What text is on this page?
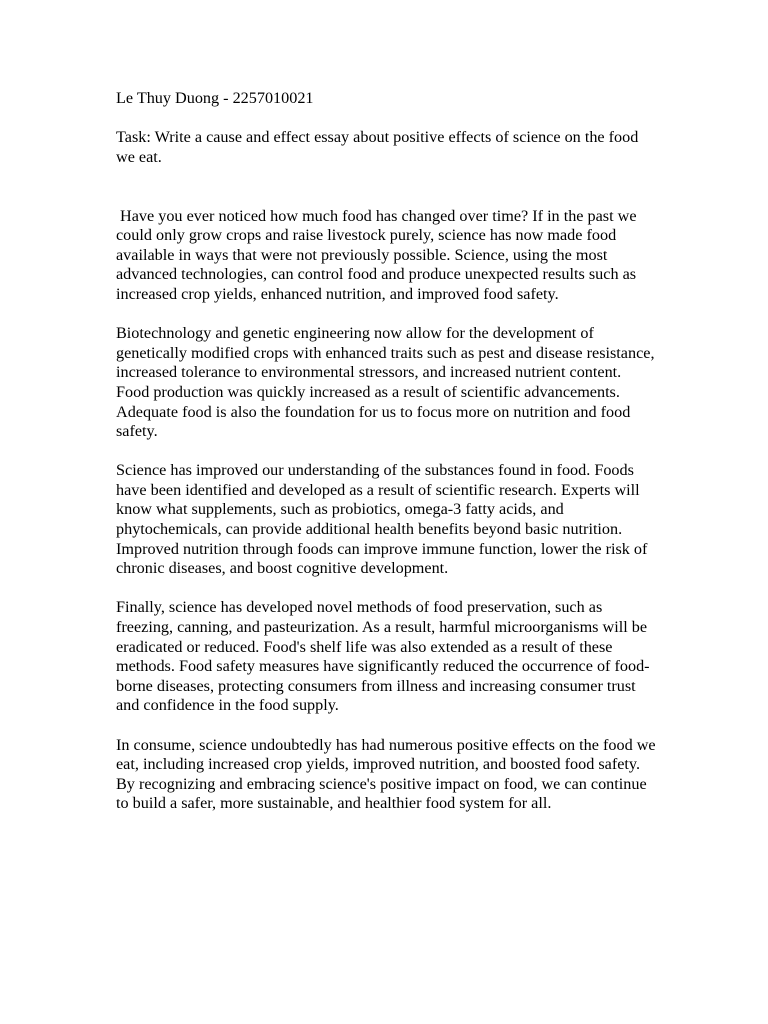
Le Thuy Duong - 2257010021

Task: Write a cause and effect essay about positive effects of science on the food we eat.

Have you ever noticed how much food has changed over time? If in the past we could only grow crops and raise livestock purely, science has now made food available in ways that were not previously possible. Science, using the most advanced technologies, can control food and produce unexpected results such as increased crop yields, enhanced nutrition, and improved food safety.

Biotechnology and genetic engineering now allow for the development of genetically modified crops with enhanced traits such as pest and disease resistance, increased tolerance to environmental stressors, and increased nutrient content. Food production was quickly increased as a result of scientific advancements. Adequate food is also the foundation for us to focus more on nutrition and food safety.

Science has improved our understanding of the substances found in food. Foods have been identified and developed as a result of scientific research. Experts will know what supplements, such as probiotics, omega-3 fatty acids, and phytochemicals, can provide additional health benefits beyond basic nutrition. Improved nutrition through foods can improve immune function, lower the risk of chronic diseases, and boost cognitive development.

Finally, science has developed novel methods of food preservation, such as freezing, canning, and pasteurization. As a result, harmful microorganisms will be eradicated or reduced. Food's shelf life was also extended as a result of these methods. Food safety measures have significantly reduced the occurrence of food-borne diseases, protecting consumers from illness and increasing consumer trust and confidence in the food supply.

In consume, science undoubtedly has had numerous positive effects on the food we eat, including increased crop yields, improved nutrition, and boosted food safety. By recognizing and embracing science's positive impact on food, we can continue to build a safer, more sustainable, and healthier food system for all.
